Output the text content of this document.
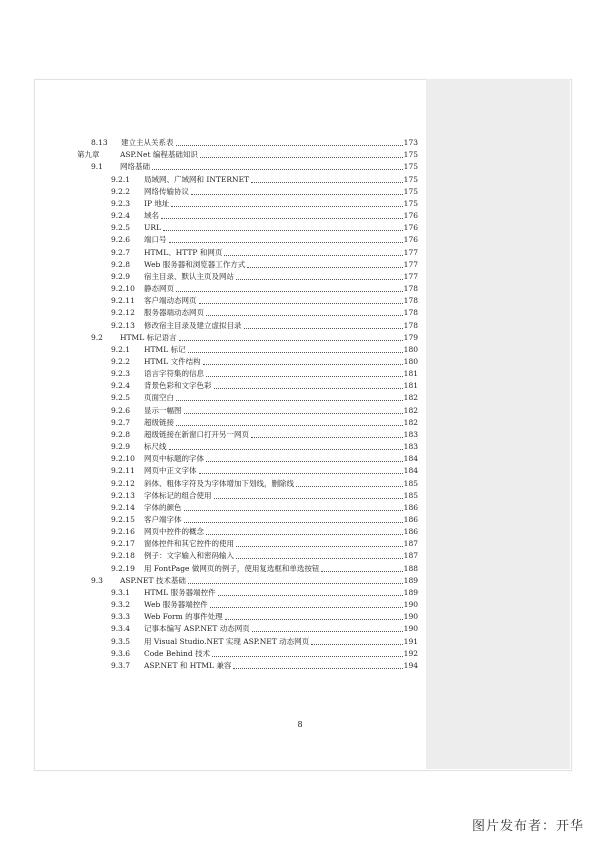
8.13	建立主从关系表	173
第九章	ASP.Net 编程基础知识	175
9.1	网络基础	175
9.2.1	局域网、广域网和 INTERNET	175
9.2.2	网络传输协议	175
9.2.3	IP 地址	175
9.2.4	域名	176
9.2.5	URL	176
9.2.6	端口号	176
9.2.7	HTML、HTTP 和网页	177
9.2.8	Web 服务器和浏览器工作方式	177
9.2.9	宿主目录、默认主页及网站	177
9.2.10	静态网页	178
9.2.11	客户端动态网页	178
9.2.12	服务器端动态网页	178
9.2.13	修改宿主目录及建立虚拟目录	178
9.2	HTML 标记语言	179
9.2.1	HTML 标记	180
9.2.2	HTML 文件结构	180
9.2.3	语言字符集的信息	181
9.2.4	背景色彩和文字色彩	181
9.2.5	页面空白	182
9.2.6	显示一幅图	182
9.2.7	超级链接	182
9.2.8	超级链接在新窗口打开另一网页	183
9.2.9	标尺线	183
9.2.10	网页中标题的字体	184
9.2.11	网页中正文字体	184
9.2.12	斜体、粗体字符及为字体增加下划线，删除线	185
9.2.13	字体标记的组合使用	185
9.2.14	字体的颜色	186
9.2.15	客户端字体	186
9.2.16	网页中控件的概念	186
9.2.17	窗体控件和其它控件的使用	187
9.2.18	例子：文字输入和密码输入	187
9.2.19	用 FontPage 做网页的例子，使用复选框和单选按钮	188
9.3	ASP.NET 技术基础	189
9.3.1	HTML 服务器端控件	189
9.3.2	Web 服务器端控件	190
9.3.3	Web Form 的事件处理	190
9.3.4	记事本编写 ASP.NET 动态网页	190
9.3.5	用 Visual Studio.NET 实现 ASP.NET 动态网页	191
9.3.6	Code Behind 技术	192
9.3.7	ASP.NET 和 HTML 兼容	194
8
图片发布者：开华
